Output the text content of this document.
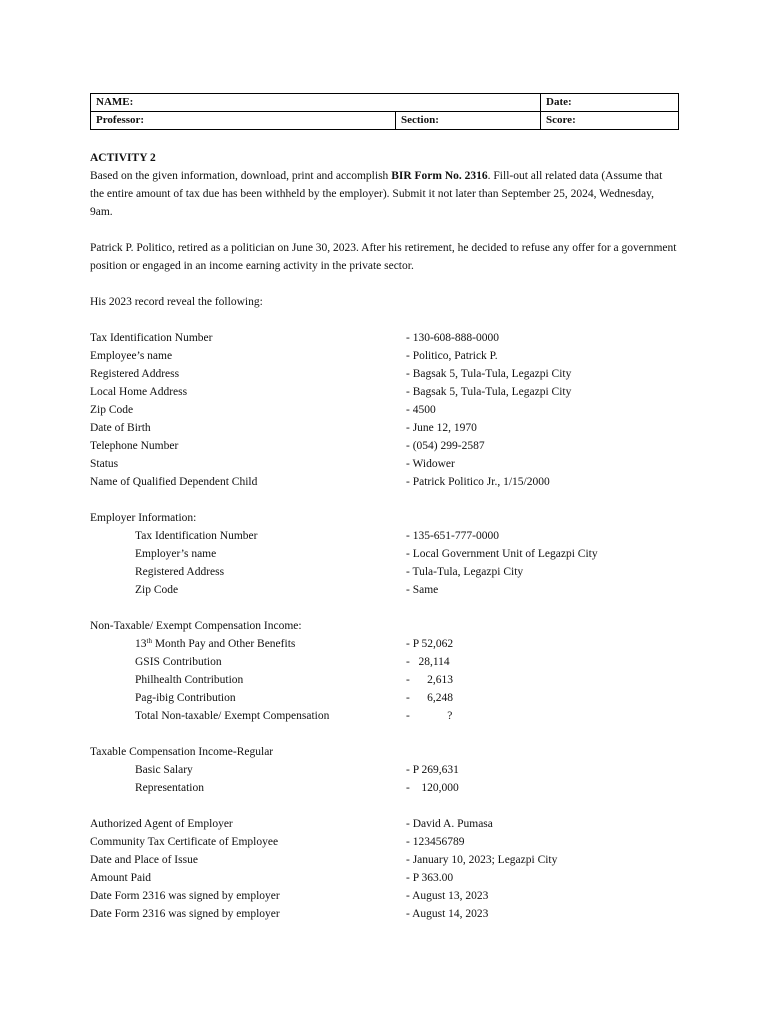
NAME:	Date:
Professor:	Section:	Score:
ACTIVITY 2

Based on the given information, download, print and accomplish BIR Form No. 2316. Fill-out all related data (Assume that the entire amount of tax due has been withheld by the employer). Submit it not later than September 25, 2024, Wednesday, 9am.

Patrick P. Politico, retired as a politician on June 30, 2023. After his retirement, he decided to refuse any offer for a government position or engaged in an income earning activity in the private sector.

His 2023 record reveal the following:

Tax Identification Number	- 130-608-888-0000
Employee’s name	- Politico, Patrick P.
Registered Address	- Bagsak 5, Tula-Tula, Legazpi City
Local Home Address	- Bagsak 5, Tula-Tula, Legazpi City
Zip Code	- 4500
Date of Birth	- June 12, 1970
Telephone Number	- (054) 299-2587
Status	- Widower
Name of Qualified Dependent Child	- Patrick Politico Jr., 1/15/2000
Employer Information:
Tax Identification Number	- 135-651-777-0000
Employer’s name	- Local Government Unit of Legazpi City
Registered Address	- Tula-Tula, Legazpi City
Zip Code	- Same
Non-Taxable/ Exempt Compensation Income:
13th Month Pay and Other Benefits	- P 52,062
GSIS Contribution	-   28,114
Philhealth Contribution	-      2,613
Pag-ibig Contribution	-      6,248
Total Non-taxable/ Exempt Compensation	-             ?
Taxable Compensation Income-Regular
Basic Salary	- P 269,631
Representation	-    120,000
Authorized Agent of Employer	- David A. Pumasa
Community Tax Certificate of Employee	- 123456789
Date and Place of Issue	- January 10, 2023; Legazpi City
Amount Paid	- P 363.00
Date Form 2316 was signed by employer	- August 13, 2023
Date Form 2316 was signed by employer	- August 14, 2023
